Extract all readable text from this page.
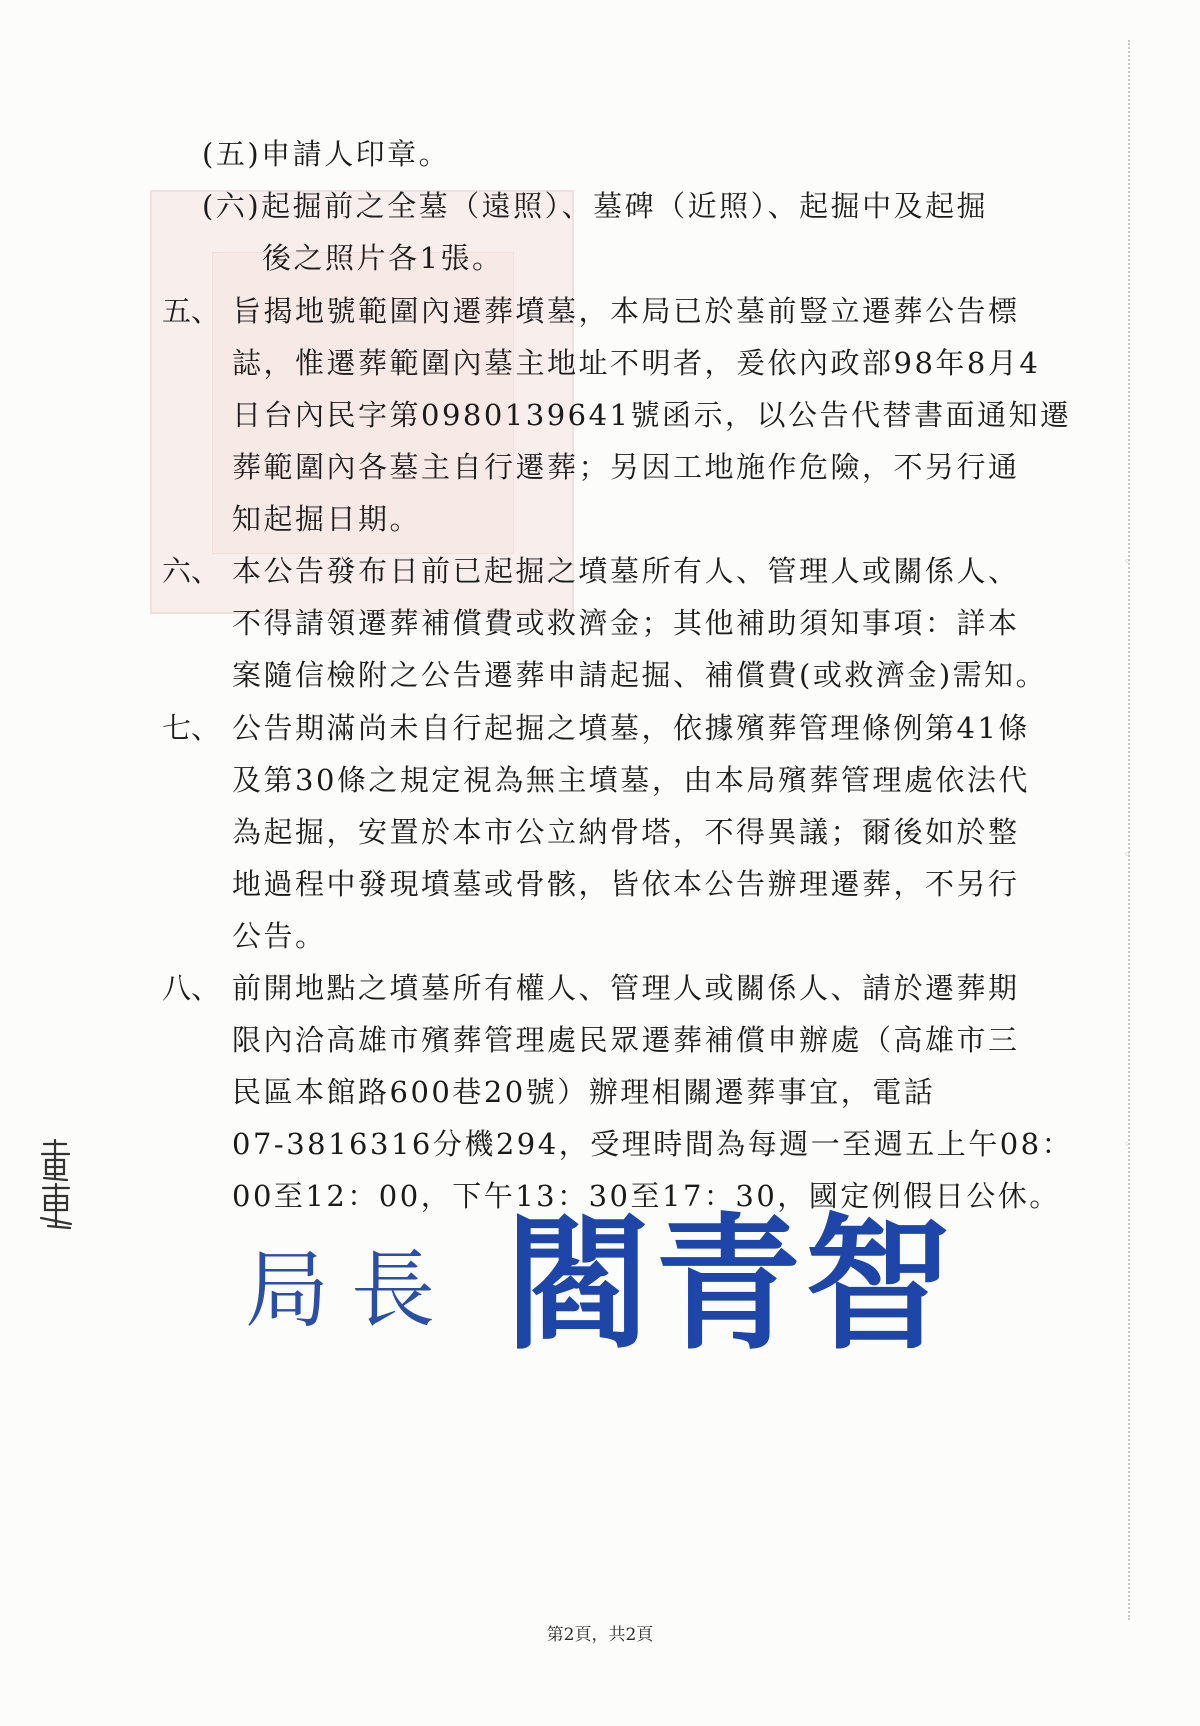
◦
◦
◦
(五)申請人印章。
(六)起掘前之全墓（遠照）、墓碑（近照）、起掘中及起掘
後之照片各1張。
五、 旨揭地號範圍內遷葬墳墓，本局已於墓前豎立遷葬公告標
誌，惟遷葬範圍內墓主地址不明者，爰依內政部98年8月4
日台內民字第0980139641號函示，以公告代替書面通知遷
葬範圍內各墓主自行遷葬；另因工地施作危險，不另行通
知起掘日期。
六、 本公告發布日前已起掘之墳墓所有人、管理人或關係人、
不得請領遷葬補償費或救濟金；其他補助須知事項：詳本
案隨信檢附之公告遷葬申請起掘、補償費(或救濟金)需知。
七、 公告期滿尚未自行起掘之墳墓，依據殯葬管理條例第41條
及第30條之規定視為無主墳墓，由本局殯葬管理處依法代
為起掘，安置於本市公立納骨塔，不得異議；爾後如於整
地過程中發現墳墓或骨骸，皆依本公告辦理遷葬，不另行
公告。
八、 前開地點之墳墓所有權人、管理人或關係人、請於遷葬期
限內洽高雄市殯葬管理處民眾遷葬補償申辦處（高雄市三
民區本館路600巷20號）辦理相關遷葬事宜，電話
07-3816316分機294，受理時間為每週一至週五上午08：
00至12：00，下午13：30至17：30，國定例假日公休。
局長 閻青智
第2頁，共2頁
